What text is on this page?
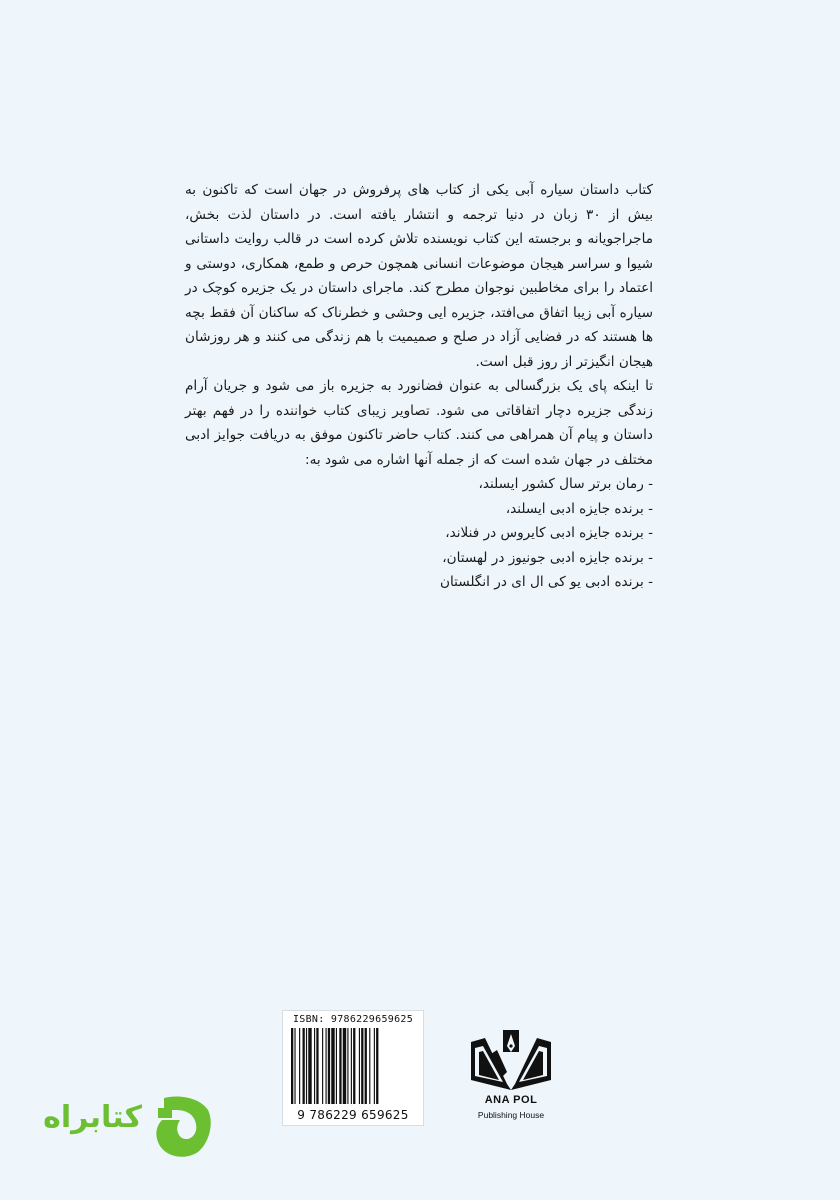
کتاب داستان سیاره آبی یکی از کتاب های پرفروش در جهان است که تاکنون به بیش از ۳۰ زبان در دنیا ترجمه و انتشار یافته است. در داستان لذت بخش، ماجراجویانه و برجسته این کتاب نویسنده تلاش کرده است در قالب روایت داستانی شیوا و سراسر هیجان موضوعات انسانی همچون حرص و طمع، همکاری، دوستی و اعتماد را برای مخاطبین نوجوان مطرح کند. ماجرای داستان در یک جزیره کوچک در سیاره آبی زیبا اتفاق می‌افتد، جزیره ایی وحشی و خطرناک که ساکنان آن فقط بچه ها هستند که در فضایی آزاد در صلح و صمیمیت با هم زندگی می کنند و هر روزشان هیجان انگیزتر از روز قبل است.

تا اینکه پای یک بزرگسالی به عنوان فضانورد به جزیره باز می شود و جریان آرام زندگی جزیره دچار اتفاقاتی می شود. تصاویر زیبای کتاب خواننده را در فهم بهتر داستان و پیام آن همراهی می کنند. کتاب حاضر تاکنون موفق به دریافت جوایز ادبی مختلف در جهان شده است که از جمله آنها اشاره می شود به:

- رمان برتر سال کشور ایسلند،
- برنده جایزه ادبی ایسلند،
- برنده جایزه ادبی کایروس در فنلاند،
- برنده جایزه ادبی جونیوز در لهستان،
- برنده ادبی یو کی ال ای در انگلستان
ISBN: 9786229659625
9 786229 659625
ANA POL
Publishing House
کتابراه
